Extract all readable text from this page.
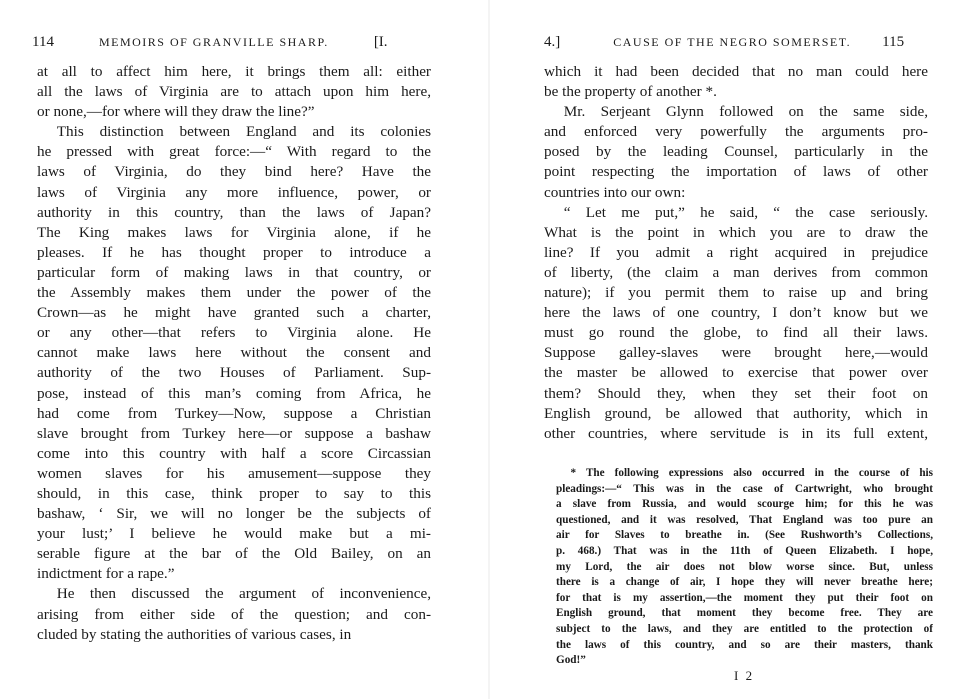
114	MEMOIRS OF GRANVILLE SHARP.	[I.
at all to affect him here, it brings them all: either
all the laws of Virginia are to attach upon him here,
or none,—for where will they draw the line?”
This distinction between England and its colonies
he pressed with great force:—“ With regard to the
laws of Virginia, do they bind here? Have the
laws of Virginia any more influence, power, or
authority in this country, than the laws of Japan?
The King makes laws for Virginia alone, if he
pleases. If he has thought proper to introduce a
particular form of making laws in that country, or
the Assembly makes them under the power of the
Crown—as he might have granted such a charter,
or any other—that refers to Virginia alone. He
cannot make laws here without the consent and
authority of the two Houses of Parliament. Sup-
pose, instead of this man’s coming from Africa, he
had come from Turkey—Now, suppose a Christian
slave brought from Turkey here—or suppose a bashaw
come into this country with half a score Circassian
women slaves for his amusement—suppose they
should, in this case, think proper to say to this
bashaw, ‘ Sir, we will no longer be the subjects of
your lust;’ I believe he would make but a mi-
serable figure at the bar of the Old Bailey, on an
indictment for a rape.”
He then discussed the argument of inconvenience,
arising from either side of the question; and con-
cluded by stating the authorities of various cases, in
4.]	CAUSE OF THE NEGRO SOMERSET. 115
which it had been decided that no man could here
be the property of another *.
Mr. Serjeant Glynn followed on the same side,
and enforced very powerfully the arguments pro-
posed by the leading Counsel, particularly in the
point respecting the importation of laws of other
countries into our own:
“ Let me put,” he said, “ the case seriously.
What is the point in which you are to draw the
line? If you admit a right acquired in prejudice
of liberty, (the claim a man derives from common
nature); if you permit them to raise up and bring
here the laws of one country, I don’t know but we
must go round the globe, to find all their laws.
Suppose galley-slaves were brought here,—would
the master be allowed to exercise that power over
them? Should they, when they set their foot on
English ground, be allowed that authority, which in
other countries, where servitude is in its full extent,
* The following expressions also occurred in the course of his
pleadings:—“ This was in the case of Cartwright, who brought
a slave from Russia, and would scourge him; for this he was
questioned, and it was resolved, That England was too pure an
air for Slaves to breathe in. (See Rushworth’s Collections,
p. 468.) That was in the 11th of Queen Elizabeth. I hope,
my Lord, the air does not blow worse since. But, unless
there is a change of air, I hope they will never breathe here;
for that is my assertion,—the moment they put their foot on
English ground, that moment they become free. They are
subject to the laws, and they are entitled to the protection of
the laws of this country, and so are their masters, thank
God!”
I 2
